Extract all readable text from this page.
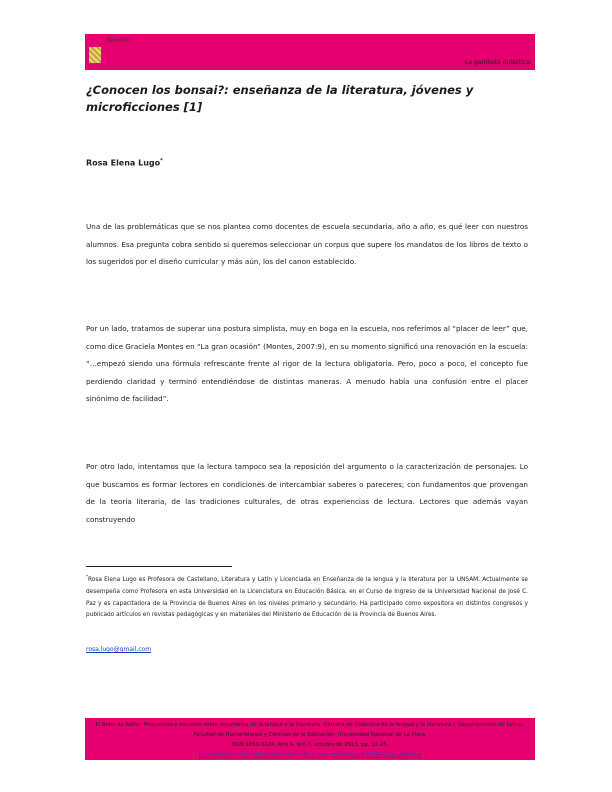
Sección
La gambeta didáctica
¿Conocen los bonsai?: enseñanza de la literatura, jóvenes y microficciones [1]
Rosa Elena Lugo*

Una de las problemáticas que se nos plantea como docentes de escuela secundaria, año a año, es qué leer con nuestros alumnos. Esa pregunta cobra sentido si queremos seleccionar un corpus que supere los mandatos de los libros de texto o los sugeridos por el diseño curricular y más aún, los del canon establecido.

Por un lado, tratamos de superar una postura simplista, muy en boga en la escuela, nos referimos al “placer de leer” que, como dice Graciela Montes en “La gran ocasión” (Montes, 2007:9), en su momento significó una renovación en la escuela: “…empezó siendo una fórmula refrescante frente al rigor de la lectura obligatoria. Pero, poco a poco, el concepto fue perdiendo claridad y terminó entendiéndose de distintas maneras. A menudo había una confusión entre el placer sinónimo de facilidad”.

Por otro lado, intentamos que la lectura tampoco sea la reposición del argumento o la caracterización de personajes. Lo que buscamos es formar lectores en condiciones de intercambiar saberes o pareceres; con fundamentos que provengan de la teoría literaria, de las tradiciones culturales, de otras experiencias de lectura. Lectores que además vayan construyendo

*Rosa Elena Lugo es Profesora de Castellano, Literatura y Latín y Licenciada en Enseñanza de la lengua y la literatura por la UNSAM. Actualmente se desempeña como Profesora en esta Universidad en la Licenciatura en Educación Básica, en el Curso de Ingreso de la Universidad Nacional de José C. Paz y es capacitadora de la Provincia de Buenos Aires en los niveles primario y secundario. Ha participado como expositora en distintos congresos y publicado artículos en revistas pedagógicas y en materiales del Ministerio de Educación de la Provincia de Buenos Aires.
rosa.lugo@gmail.com
El Bobo de Astier. Propuestas y estudios sobre enseñanza de la lengua y la literatura. Cátedra de Didáctica de la lengua y la literatura I. Departamento de Letras. Facultad de Humanidades y Ciencias de la Educación. Universidad Nacional de La Plata.
ISSN 1853-3124. Año 4, Nro 7, octubre de 2013. pp. 12-25.
http://www.elbobodeastier.fahce.unlp.edu.ar/numeros/numero-7/LOD-Lugo.pdf/view
